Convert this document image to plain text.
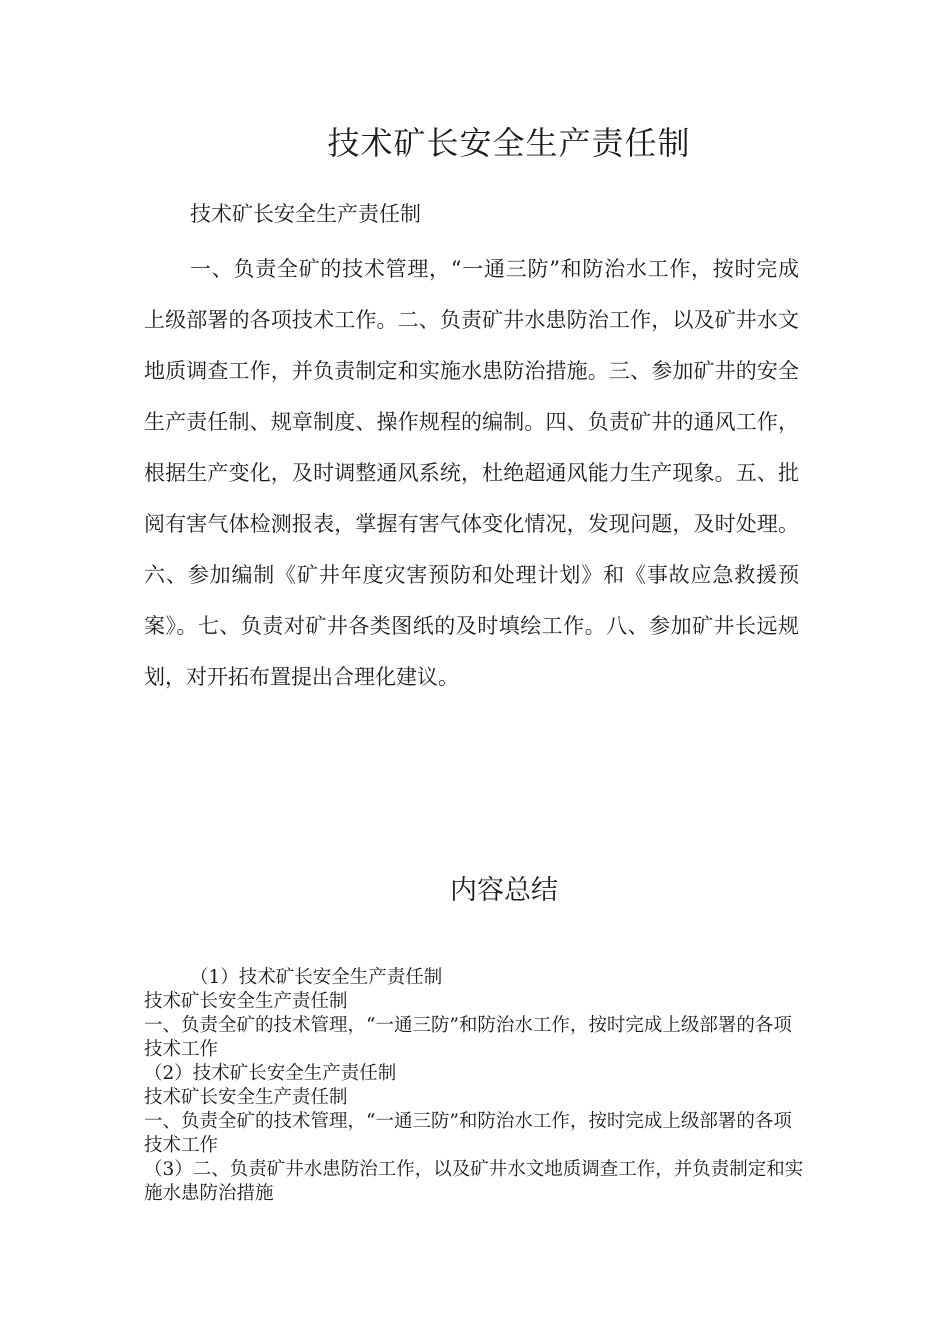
技术矿长安全生产责任制

技术矿长安全生产责任制

一、负责全矿的技术管理，“一通三防”和防治水工作，按时完成上级部署的各项技术工作。二、负责矿井水患防治工作，以及矿井水文地质调查工作，并负责制定和实施水患防治措施。三、参加矿井的安全生产责任制、规章制度、操作规程的编制。四、负责矿井的通风工作，根据生产变化，及时调整通风系统，杜绝超通风能力生产现象。五、批阅有害气体检测报表，掌握有害气体变化情况，发现问题，及时处理。六、参加编制《矿井年度灾害预防和处理计划》和《事故应急救援预案》。七、负责对矿井各类图纸的及时填绘工作。八、参加矿井长远规划，对开拓布置提出合理化建议。

内容总结

（1）技术矿长安全生产责任制

技术矿长安全生产责任制

一、负责全矿的技术管理，“一通三防”和防治水工作，按时完成上级部署的各项技术工作

（2）技术矿长安全生产责任制

技术矿长安全生产责任制

一、负责全矿的技术管理，“一通三防”和防治水工作，按时完成上级部署的各项技术工作

（3）二、负责矿井水患防治工作，以及矿井水文地质调查工作，并负责制定和实施水患防治措施
